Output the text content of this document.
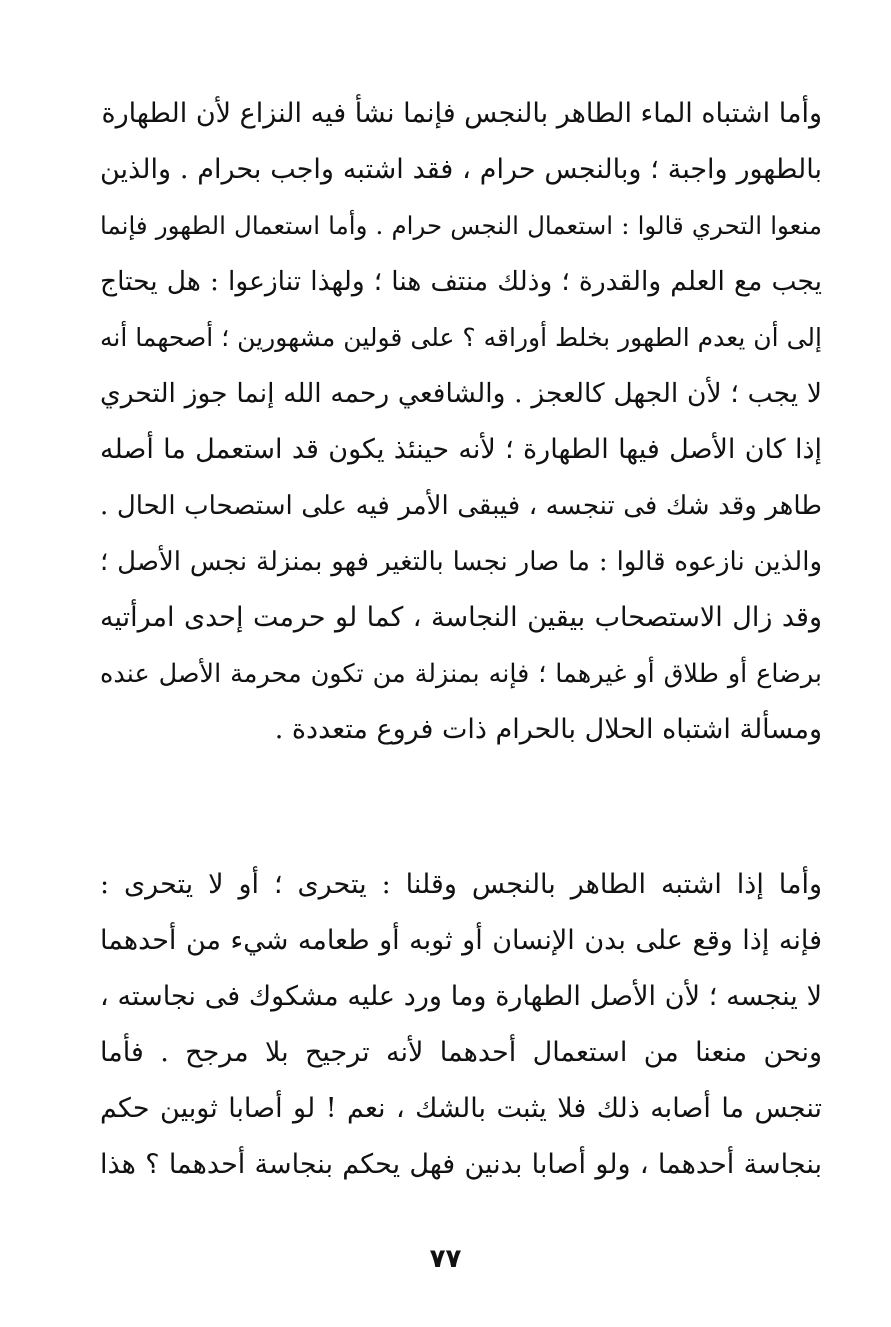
وأما اشتباه الماء الطاهر بالنجس فإنما نشأ فيه النزاع لأن الطهارة
بالطهور واجبة ؛ وبالنجس حرام ، فقد اشتبه واجب بحرام . والذين
منعوا التحري قالوا : استعمال النجس حرام . وأما استعمال الطهور فإنما
يجب مع العلم والقدرة ؛ وذلك منتف هنا ؛ ولهذا تنازعوا : هل يحتاج
إلى أن يعدم الطهور بخلط أوراقه ؟ على قولين مشهورين ؛ أصحهما أنه
لا يجب ؛ لأن الجهل كالعجز . والشافعي رحمه الله إنما جوز التحري
إذا كان الأصل فيها الطهارة ؛ لأنه حينئذ يكون قد استعمل ما أصله
طاهر وقد شك فى تنجسه ، فيبقى الأمر فيه على استصحاب الحال .
والذين نازعوه قالوا : ما صار نجسا بالتغير فهو بمنزلة نجس الأصل ؛
وقد زال الاستصحاب بيقين النجاسة ، كما لو حرمت إحدى امرأتيه
برضاع أو طلاق أو غيرهما ؛ فإنه بمنزلة من تكون محرمة الأصل عنده
ومسألة اشتباه الحلال بالحرام ذات فروع متعددة .
وأما إذا اشتبه الطاهر بالنجس وقلنا : يتحرى ؛ أو لا يتحرى :
فإنه إذا وقع على بدن الإنسان أو ثوبه أو طعامه شيء من أحدهما
لا ينجسه ؛ لأن الأصل الطهارة وما ورد عليه مشكوك فى نجاسته ،
ونحن منعنا من استعمال أحدهما لأنه ترجيح بلا مرجح . فأما
تنجس ما أصابه ذلك فلا يثبت بالشك ، نعم ! لو أصابا ثوبين حكم
بنجاسة أحدهما ، ولو أصابا بدنين فهل يحكم بنجاسة أحدهما ؟ هذا
٧٧
